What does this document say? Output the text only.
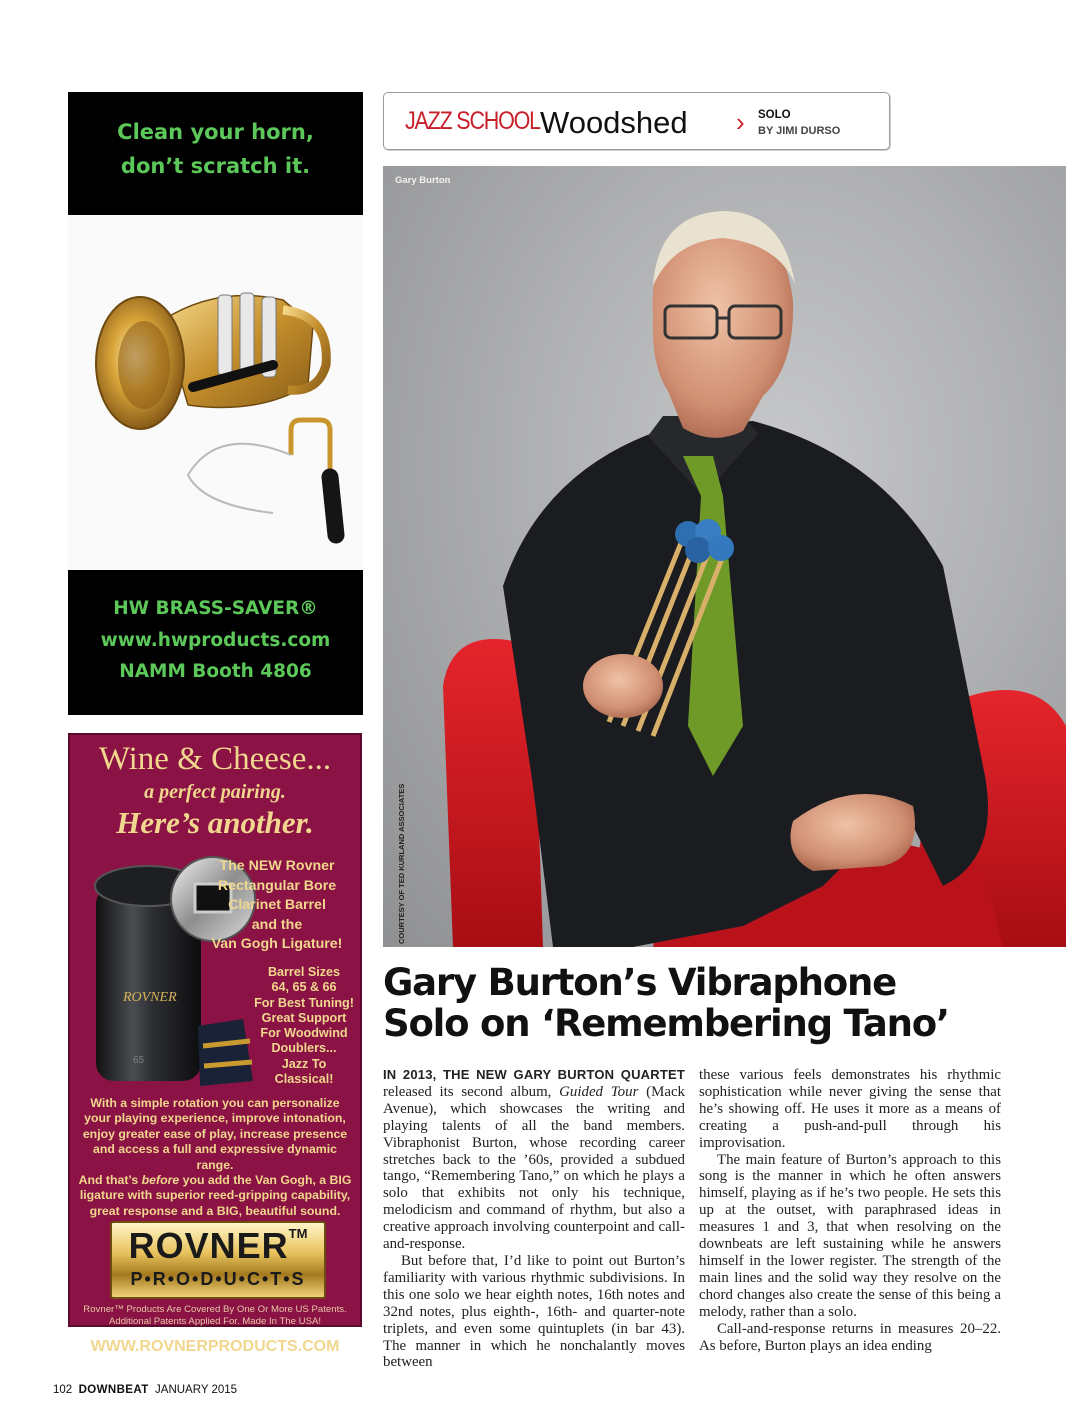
Clean your horn,
don’t scratch it.
HW BRASS-SAVER®
www.hwproducts.com
NAMM Booth 4806
Wine & Cheese...
a perfect pairing.
Here’s another.
ROVNER
65
The NEW Rovner
Rectangular Bore
Clarinet Barrel
and the
Van Gogh Ligature!
Barrel Sizes
64, 65 & 66
For Best Tuning!
Great Support
For Woodwind
Doublers...
Jazz To
Classical!
With a simple rotation you can personalize
your playing experience, improve intonation,
enjoy greater ease of play, increase presence
and access a full and expressive dynamic range.
And that’s before you add the Van Gogh, a BIG
ligature with superior reed-gripping capability,
great response and a BIG, beautiful sound.
ROVNER™
P•R•O•D•U•C•T•S
Rovner™ Products Are Covered By One Or More US Patents.
Additional Patents Applied For. Made In The USA!
WWW.ROVNERPRODUCTS.COM
JAZZ SCHOOL Woodshed › SOLO
BY JIMI DURSO
Gary Burton
COURTESY OF TED KURLAND ASSOCIATES
Gary Burton’s Vibraphone
Solo on ‘Remembering Tano’

IN 2013, THE NEW GARY BURTON QUARTET released its second album, Guided Tour (Mack Avenue), which showcases the writing and playing talents of all the band members. Vibraphonist Burton, whose recording career stretches back to the ’60s, provided a subdued tango, “Remembering Tano,” on which he plays a solo that exhibits not only his technique, melodicism and command of rhythm, but also a creative approach involving counterpoint and call-and-response.

But before that, I’d like to point out Burton’s familiarity with various rhythmic subdivisions. In this one solo we hear eighth notes, 16th notes and 32nd notes, plus eighth-, 16th- and quarter-note triplets, and even some quintuplets (in bar 43). The manner in which he nonchalantly moves between

these various feels demonstrates his rhythmic sophistication while never giving the sense that he’s showing off. He uses it more as a means of creating a push-and-pull through his improvisation.

The main feature of Burton’s approach to this song is the manner in which he often answers himself, playing as if he’s two people. He sets this up at the outset, with paraphrased ideas in measures 1 and 3, that when resolving on the downbeats are left sustaining while he answers himself in the lower register. The strength of the main lines and the solid way they resolve on the chord changes also create the sense of this being a melody, rather than a solo.

Call-and-response returns in measures 20–22. As before, Burton plays an idea ending

102 DOWNBEAT JANUARY 2015
